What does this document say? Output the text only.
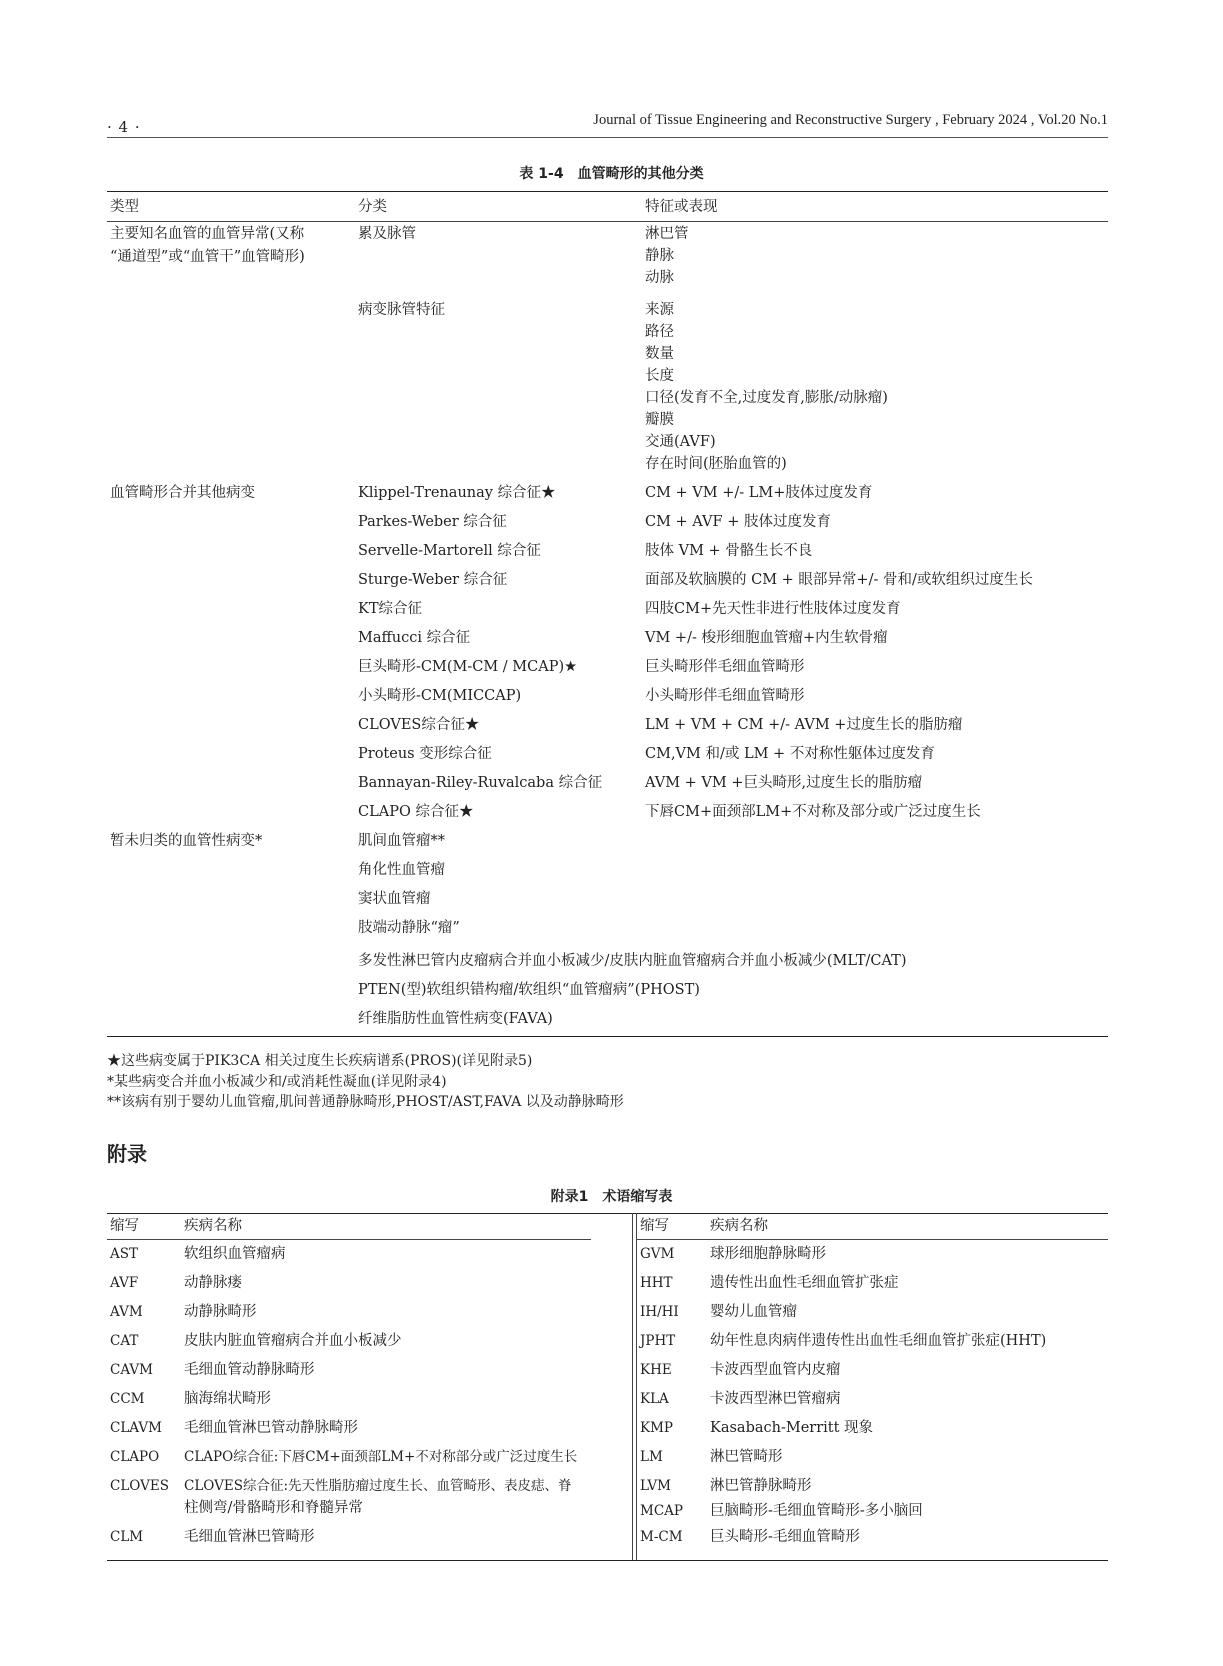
· 4 ·	Journal of Tissue Engineering and Reconstructive Surgery , February 2024 , Vol.20 No.1
表 1-4　血管畸形的其他分类
类型	分类	特征或表现
主要知名血管的血管异常(又称
“通道型”或“血管干”血管畸形)
累及脉管	淋巴管
静脉
动脉
病变脉管特征	来源
路径
数量
长度
口径(发育不全,过度发育,膨胀/动脉瘤)
瓣膜
交通(AVF)
存在时间(胚胎血管的)
血管畸形合并其他病变	Klippel-Trenaunay 综合征★	CM + VM +/- LM+肢体过度发育
Parkes-Weber 综合征	CM + AVF + 肢体过度发育
Servelle-Martorell 综合征	肢体 VM + 骨骼生长不良
Sturge-Weber 综合征	面部及软脑膜的 CM + 眼部异常+/- 骨和/或软组织过度生长
KT综合征	四肢CM+先天性非进行性肢体过度发育
Maffucci 综合征	VM +/- 梭形细胞血管瘤+内生软骨瘤
巨头畸形-CM(M-CM / MCAP)★	巨头畸形伴毛细血管畸形
小头畸形-CM(MICCAP)	小头畸形伴毛细血管畸形
CLOVES综合征★	LM + VM + CM +/- AVM +过度生长的脂肪瘤
Proteus 变形综合征	CM,VM 和/或 LM + 不对称性躯体过度发育
Bannayan-Riley-Ruvalcaba 综合征	AVM + VM +巨头畸形,过度生长的脂肪瘤
CLAPO 综合征★	下唇CM+面颈部LM+不对称及部分或广泛过度生长
暂未归类的血管性病变*	肌间血管瘤**
角化性血管瘤
窦状血管瘤
肢端动静脉“瘤”
多发性淋巴管内皮瘤病合并血小板减少/皮肤内脏血管瘤病合并血小板减少(MLT/CAT)
PTEN(型)软组织错构瘤/软组织“血管瘤病”(PHOST)
纤维脂肪性血管性病变(FAVA)
★这些病变属于PIK3CA 相关过度生长疾病谱系(PROS)(详见附录5)
*某些病变合并血小板减少和/或消耗性凝血(详见附录4)
**该病有别于婴幼儿血管瘤,肌间普通静脉畸形,PHOST/AST,FAVA 以及动静脉畸形
附录
附录1　术语缩写表
缩写	疾病名称	缩写	疾病名称
AST	软组织血管瘤病
AVF	动静脉瘘
AVM	动静脉畸形
CAT	皮肤内脏血管瘤病合并血小板减少
CAVM 毛细血管动静脉畸形
CCM	脑海绵状畸形
CLAVM 毛细血管淋巴管动静脉畸形
CLAPO CLAPO综合征:下唇CM+面颈部LM+不对称部分或广泛过度生长
CLOVES CLOVES综合征:先天性脂肪瘤过度生长、血管畸形、表皮痣、脊
柱侧弯/骨骼畸形和脊髓异常
CLM	毛细血管淋巴管畸形
GVM 球形细胞静脉畸形
HHT	遗传性出血性毛细血管扩张症
IH/HI 婴幼儿血管瘤
JPHT 幼年性息肉病伴遗传性出血性毛细血管扩张症(HHT)
KHE	卡波西型血管内皮瘤
KLA	卡波西型淋巴管瘤病
KMP	Kasabach-Merritt 现象
LM	淋巴管畸形
LVM	淋巴管静脉畸形
MCAP 巨脑畸形-毛细血管畸形-多小脑回
M-CM 巨头畸形-毛细血管畸形
